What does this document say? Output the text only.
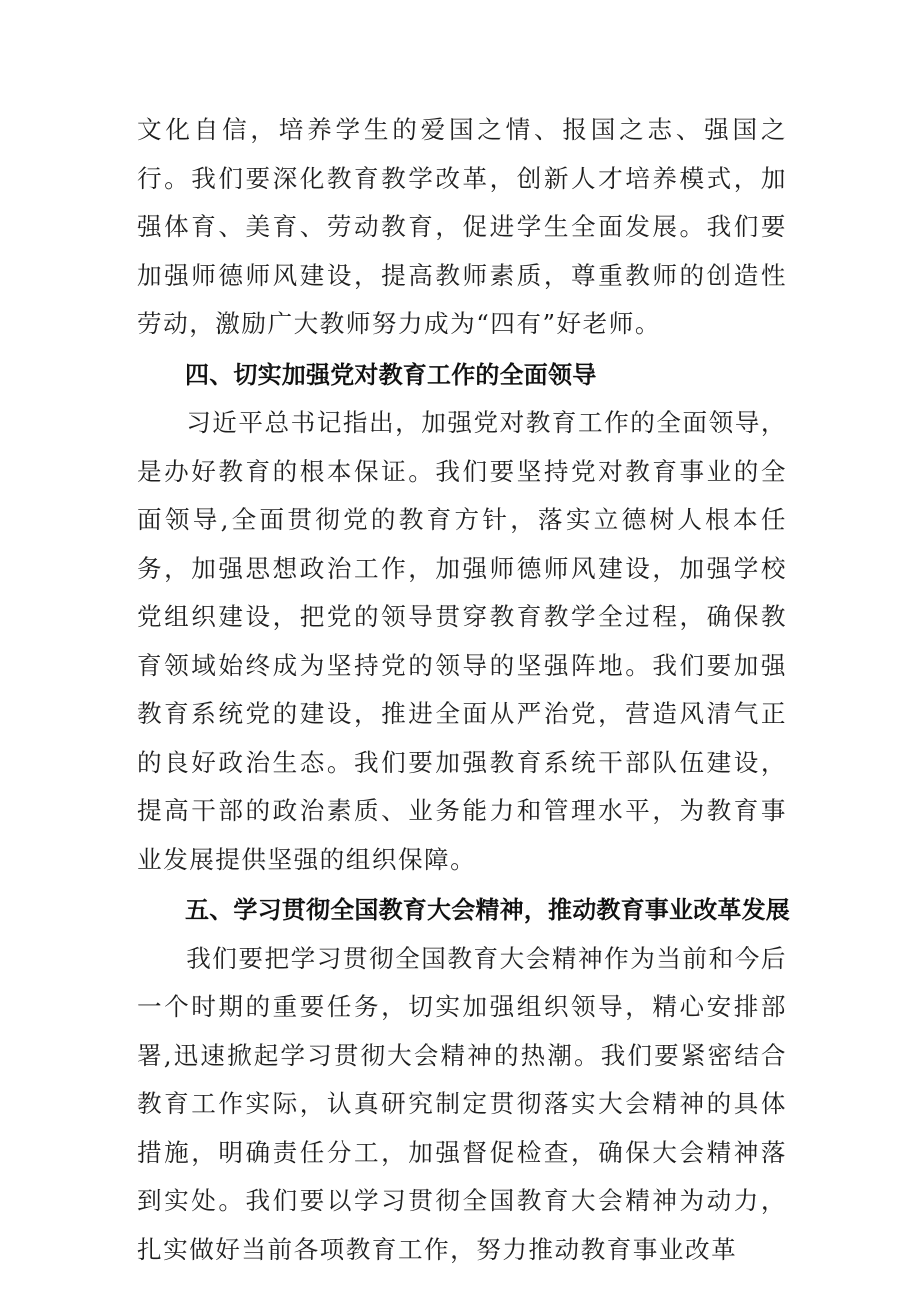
文化自信，培养学生的爱国之情、报国之志、强国之行。我们要深化教育教学改革，创新人才培养模式，加强体育、美育、劳动教育，促进学生全面发展。我们要加强师德师风建设，提高教师素质，尊重教师的创造性劳动，激励广大教师努力成为“四有”好老师。

四、切实加强党对教育工作的全面领导

习近平总书记指出，加强党对教育工作的全面领导，是办好教育的根本保证。我们要坚持党对教育事业的全面领导,全面贯彻党的教育方针，落实立德树人根本任务，加强思想政治工作，加强师德师风建设，加强学校党组织建设，把党的领导贯穿教育教学全过程，确保教育领域始终成为坚持党的领导的坚强阵地。我们要加强教育系统党的建设，推进全面从严治党，营造风清气正的良好政治生态。我们要加强教育系统干部队伍建设，提高干部的政治素质、业务能力和管理水平，为教育事业发展提供坚强的组织保障。

五、学习贯彻全国教育大会精神，推动教育事业改革发展

我们要把学习贯彻全国教育大会精神作为当前和今后一个时期的重要任务，切实加强组织领导，精心安排部署,迅速掀起学习贯彻大会精神的热潮。我们要紧密结合教育工作实际，认真研究制定贯彻落实大会精神的具体措施，明确责任分工，加强督促检查，确保大会精神落到实处。我们要以学习贯彻全国教育大会精神为动力，扎实做好当前各项教育工作，努力推动教育事业改革
